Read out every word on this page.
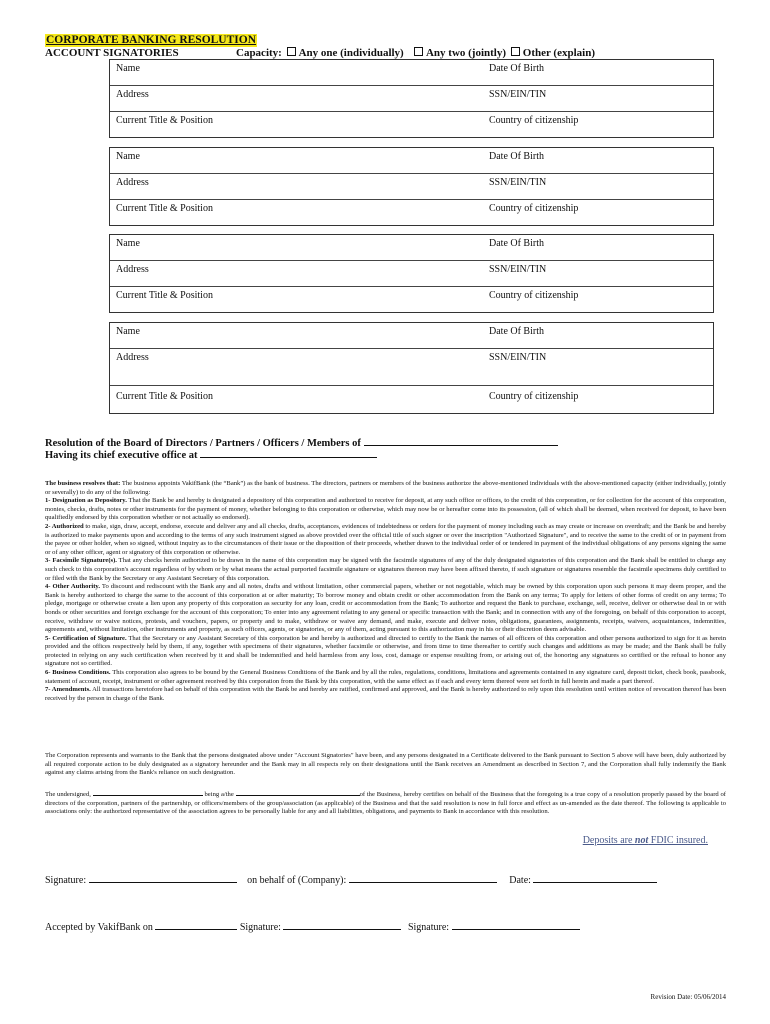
CORPORATE BANKING RESOLUTION
ACCOUNT SIGNATORIES	Capacity: Any one (individually) Any two (jointly) Other (explain)
Name	Date Of Birth
Address	SSN/EIN/TIN
Current Title & Position	Country of citizenship
Name	Date Of Birth
Address	SSN/EIN/TIN
Current Title & Position	Country of citizenship
Name	Date Of Birth
Address	SSN/EIN/TIN
Current Title & Position	Country of citizenship
Name	Date Of Birth
Address	SSN/EIN/TIN
Current Title & Position	Country of citizenship
Resolution of the Board of Directors / Partners / Officers / Members of
Having its chief executive office at

The business resolves that: The business appoints VakifBank (the “Bank”) as the bank of business. The directors, partners or members of the business authorize the above-mentioned individuals with the above-mentioned capacity (either individually, jointly or severally) to do any of the following:

1- Designation as Depository. That the Bank be and hereby is designated a depository of this corporation and authorized to receive for deposit, at any such office or offices, to the credit of this corporation, or for collection for the account of this corporation, monies, checks, drafts, notes or other instruments for the payment of money, whether belonging to this corporation or otherwise, which may now be or hereafter come into its possession, (all of which shall be deemed, when received for deposit, to have been qualifiedly endorsed by this corporation whether or not actually so endorsed).

2- Authorized to make, sign, draw, accept, endorse, execute and deliver any and all checks, drafts, acceptances, evidences of indebtedness or orders for the payment of money including such as may create or increase on overdraft; and the Bank be and hereby is authorized to make payments upon and according to the terms of any such instrument signed as above provided over the official title of such signer or over the inscription "Authorized Signature", and to receive the same to the credit of or in payment from the payee or other holder, when so signed, without inquiry as to the circumstances of their issue or the disposition of their proceeds, whether drawn to the individual order of or tendered in payment of the individual obligations of any persons signing the same or of any other officer, agent or signatory of this corporation or otherwise.

3- Facsimile Signature(s). That any checks herein authorized to be drawn in the name of this corporation may be signed with the facsimile signatures of any of the duly designated signatories of this corporation and the Bank shall be entitled to charge any such check to this corporation's account regardless of by whom or by what means the actual purported facsimile signature or signatures thereon may have been affixed thereto, if such signature or signatures resemble the facsimile specimens duly certified to or filed with the Bank by the Secretary or any Assistant Secretary of this corporation.

4- Other Authority. To discount and rediscount with the Bank any and all notes, drafts and without limitation, other commercial papers, whether or not negotiable, which may be owned by this corporation upon such persons it may deem proper, and the Bank is hereby authorized to charge the same to the account of this corporation at or after maturity; To borrow money and obtain credit or other accommodation from the Bank on any terms; To apply for letters of other forms of credit on any terms; To pledge, mortgage or otherwise create a lien upon any property of this corporation as security for any loan, credit or accommodation from the Bank; To authorize and request the Bank to purchase, exchange, sell, receive, deliver or otherwise deal in or with bonds or other securities and foreign exchange for the account of this corporation; To enter into any agreement relating to any general or specific transaction with the Bank; and in connection with any of the foregoing, on behalf of this corporation to accept, receive, withdraw or waive notices, protests, and vouchers, papers, or property and to make, withdraw or waive any demand, and make, execute and deliver notes, obligations, guarantees, assignments, receipts, waivers, acquaintances, indemnities, agreements and, without limitation, other instruments and property, as such officers, agents, or signatories, or any of them, acting pursuant to this authorization may in his or their discretion deem advisable.

5- Certification of Signature. That the Secretary or any Assistant Secretary of this corporation be and hereby is authorized and directed to certify to the Bank the names of all officers of this corporation and other persons authorized to sign for it as herein provided and the offices respectively held by them, if any, together with specimens of their signatures, whether facsimile or otherwise, and from time to time thereafter to certify such changes and additions as may be made; and the Bank shall be fully protected in relying on any such certification when received by it and shall be indemnified and held harmless from any loss, cost, damage or expense resulting from, or arising out of, the honoring any signatures so certified or the refusal to honor any signature not so certified.

6- Business Conditions. This corporation also agrees to be bound by the General Business Conditions of the Bank and by all the rules, regulations, conditions, limitations and agreements contained in any signature card, deposit ticket, check book, passbook, statement of account, receipt, instrument or other agreement received by this corporation from the Bank by this corporation, with the same effect as if each and every term thereof were set forth in full herein and made a part thereof.

7- Amendments. All transactions heretofore had on behalf of this corporation with the Bank be and hereby are ratified, confirmed and approved, and the Bank is hereby authorized to rely upon this resolution until written notice of revocation thereof has been received by the person in charge of the Bank.

The Corporation represents and warrants to the Bank that the persons designated above under "Account Signatories" have been, and any persons designated in a Certificate delivered to the Bank pursuant to Section 5 above will have been, duly authorized by all required corporate action to be duly designated as a signatory hereunder and the Bank may in all respects rely on their designations until the Bank receives an Amendment as described in Section 7, and the Corporation shall fully indemnify the Bank against any claims arising from the Bank's reliance on such designation.

The undersigned,	being a/the	of the Business, hereby certifies on behalf of the Business that the foregoing is a true copy of a resolution properly passed by the board of directors of the corporation, partners of the partnership, or officers/members of the group/association (as applicable) of the Business and that the said resolution is now in full force and effect as un-amended as the date thereof. The following is applicable to associations only: the authorized representative of the association agrees to be personally liable for any and all liabilities, obligations, and payments to Bank in accordance with this resolution.

Deposits are not FDIC insured.
Signature:	on behalf of (Company):	Date:
Accepted by VakifBank on	Signature:	Signature:
Revision Date: 05/06/2014
